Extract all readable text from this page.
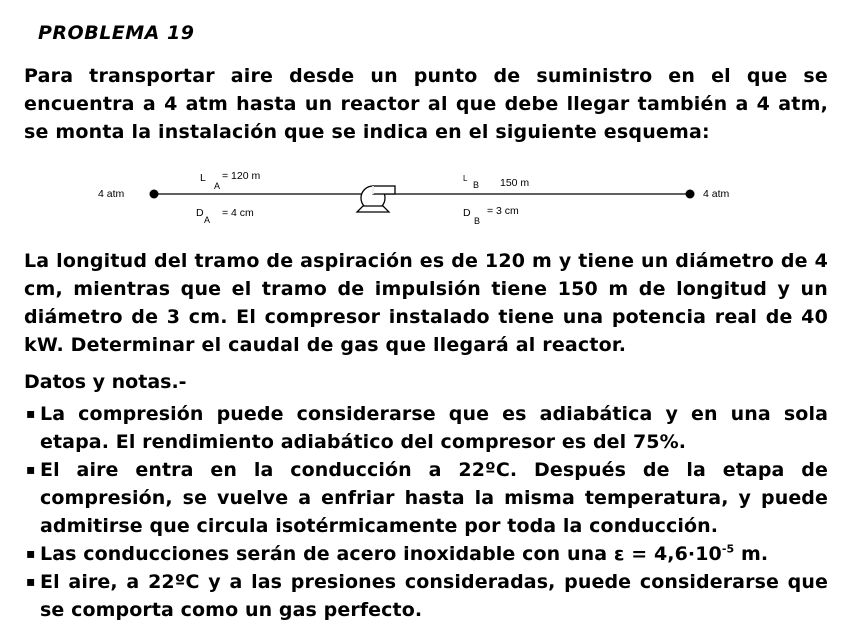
PROBLEMA 19
Para transportar aire desde un punto de suministro en el que se encuentra a 4 atm hasta un reactor al que debe llegar también a 4 atm, se monta la instalación que se indica en el siguiente esquema:
4 atm	4 atm
L
A
= 120 m
D
A
= 4 cm
L
B 150 m
D
B
= 3 cm
La longitud del tramo de aspiración es de 120 m y tiene un diámetro de 4 cm, mientras que el tramo de impulsión tiene 150 m de longitud y un diámetro de 3 cm. El compresor instalado tiene una potencia real de 40 kW. Determinar el caudal de gas que llegará al reactor.
Datos y notas.-
▪ La compresión puede considerarse que es adiabática y en una sola etapa. El rendimiento adiabático del compresor es del 75%.
▪ El aire entra en la conducción a 22ºC. Después de la etapa de compresión, se vuelve a enfriar hasta la misma temperatura, y puede admitirse que circula isotérmicamente por toda la conducción.
▪ Las conducciones serán de acero inoxidable con una $\varepsilon = 4,6\cdot 10^{-5}$ m.
▪ El aire, a 22ºC y a las presiones consideradas, puede considerarse que se comporta como un gas perfecto.
